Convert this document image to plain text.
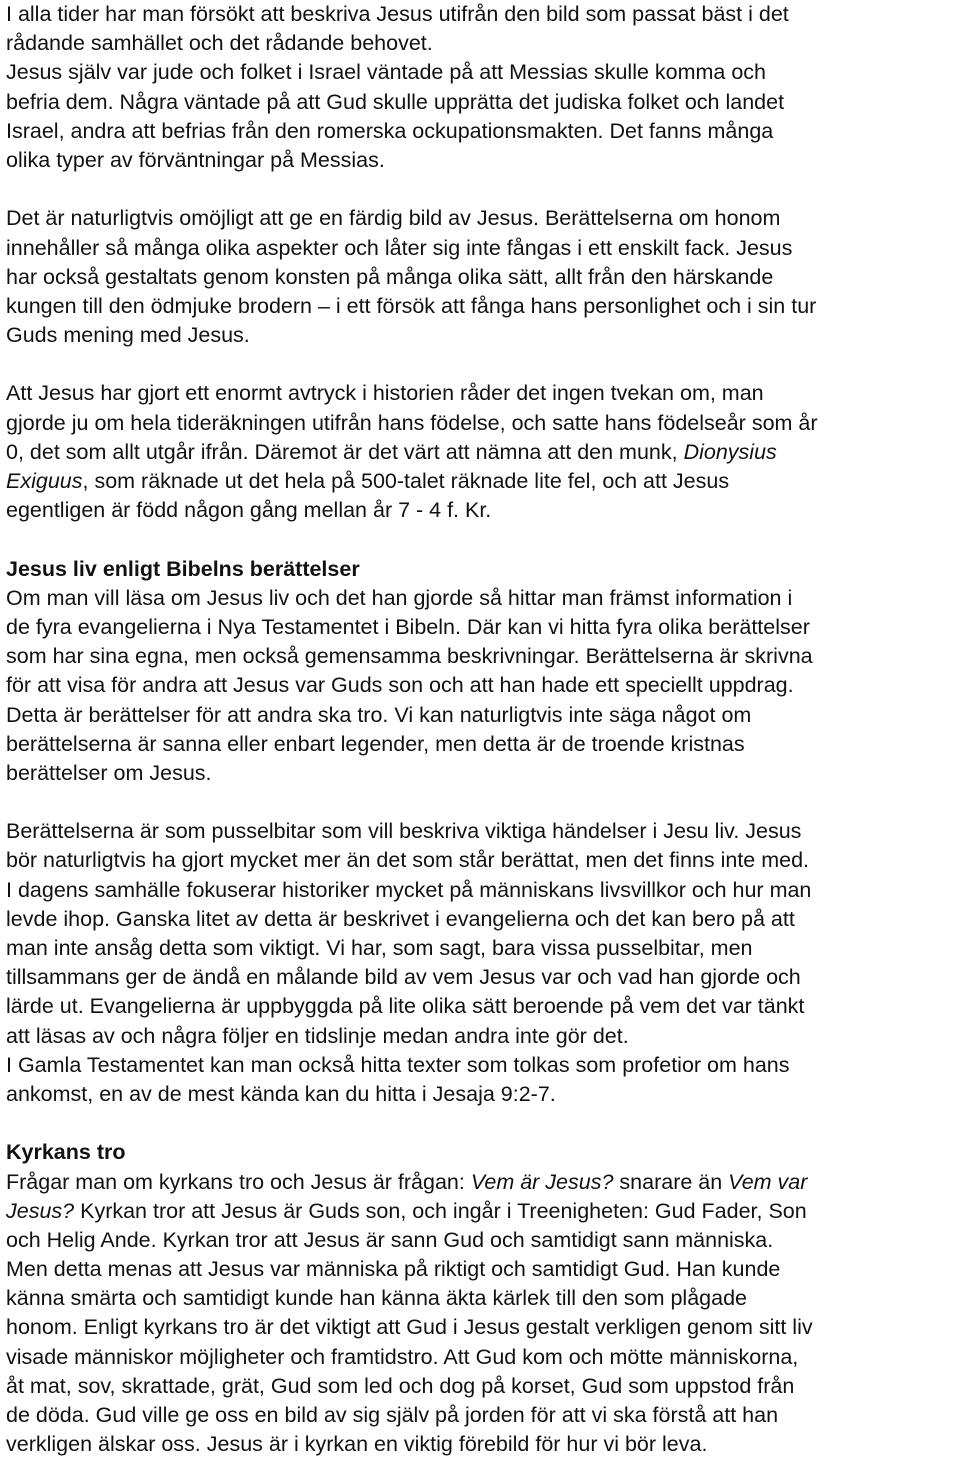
I alla tider har man försökt att beskriva Jesus utifrån den bild som passat bäst i det
rådande samhället och det rådande behovet.
Jesus själv var jude och folket i Israel väntade på att Messias skulle komma och
befria dem. Några väntade på att Gud skulle upprätta det judiska folket och landet
Israel, andra att befrias från den romerska ockupationsmakten. Det fanns många
olika typer av förväntningar på Messias.
Det är naturligtvis omöjligt att ge en färdig bild av Jesus. Berättelserna om honom
innehåller så många olika aspekter och låter sig inte fångas i ett enskilt fack. Jesus
har också gestaltats genom konsten på många olika sätt, allt från den härskande
kungen till den ödmjuke brodern – i ett försök att fånga hans personlighet och i sin tur
Guds mening med Jesus.
Att Jesus har gjort ett enormt avtryck i historien råder det ingen tvekan om, man
gjorde ju om hela tideräkningen utifrån hans födelse, och satte hans födelseår som år
0, det som allt utgår ifrån. Däremot är det värt att nämna att den munk, Dionysius
Exiguus, som räknade ut det hela på 500-talet räknade lite fel, och att Jesus
egentligen är född någon gång mellan år 7 - 4 f. Kr.
Jesus liv enligt Bibelns berättelser
Om man vill läsa om Jesus liv och det han gjorde så hittar man främst information i
de fyra evangelierna i Nya Testamentet i Bibeln. Där kan vi hitta fyra olika berättelser
som har sina egna, men också gemensamma beskrivningar. Berättelserna är skrivna
för att visa för andra att Jesus var Guds son och att han hade ett speciellt uppdrag.
Detta är berättelser för att andra ska tro. Vi kan naturligtvis inte säga något om
berättelserna är sanna eller enbart legender, men detta är de troende kristnas
berättelser om Jesus.
Berättelserna är som pusselbitar som vill beskriva viktiga händelser i Jesu liv. Jesus
bör naturligtvis ha gjort mycket mer än det som står berättat, men det finns inte med.
I dagens samhälle fokuserar historiker mycket på människans livsvillkor och hur man
levde ihop. Ganska litet av detta är beskrivet i evangelierna och det kan bero på att
man inte ansåg detta som viktigt. Vi har, som sagt, bara vissa pusselbitar, men
tillsammans ger de ändå en målande bild av vem Jesus var och vad han gjorde och
lärde ut. Evangelierna är uppbyggda på lite olika sätt beroende på vem det var tänkt
att läsas av och några följer en tidslinje medan andra inte gör det.
I Gamla Testamentet kan man också hitta texter som tolkas som profetior om hans
ankomst, en av de mest kända kan du hitta i Jesaja 9:2-7.
Kyrkans tro
Frågar man om kyrkans tro och Jesus är frågan: Vem är Jesus? snarare än Vem var
Jesus? Kyrkan tror att Jesus är Guds son, och ingår i Treenigheten: Gud Fader, Son
och Helig Ande. Kyrkan tror att Jesus är sann Gud och samtidigt sann människa.
Men detta menas att Jesus var människa på riktigt och samtidigt Gud. Han kunde
känna smärta och samtidigt kunde han känna äkta kärlek till den som plågade
honom. Enligt kyrkans tro är det viktigt att Gud i Jesus gestalt verkligen genom sitt liv
visade människor möjligheter och framtidstro. Att Gud kom och mötte människorna,
åt mat, sov, skrattade, grät, Gud som led och dog på korset, Gud som uppstod från
de döda. Gud ville ge oss en bild av sig själv på jorden för att vi ska förstå att han
verkligen älskar oss. Jesus är i kyrkan en viktig förebild för hur vi bör leva.
